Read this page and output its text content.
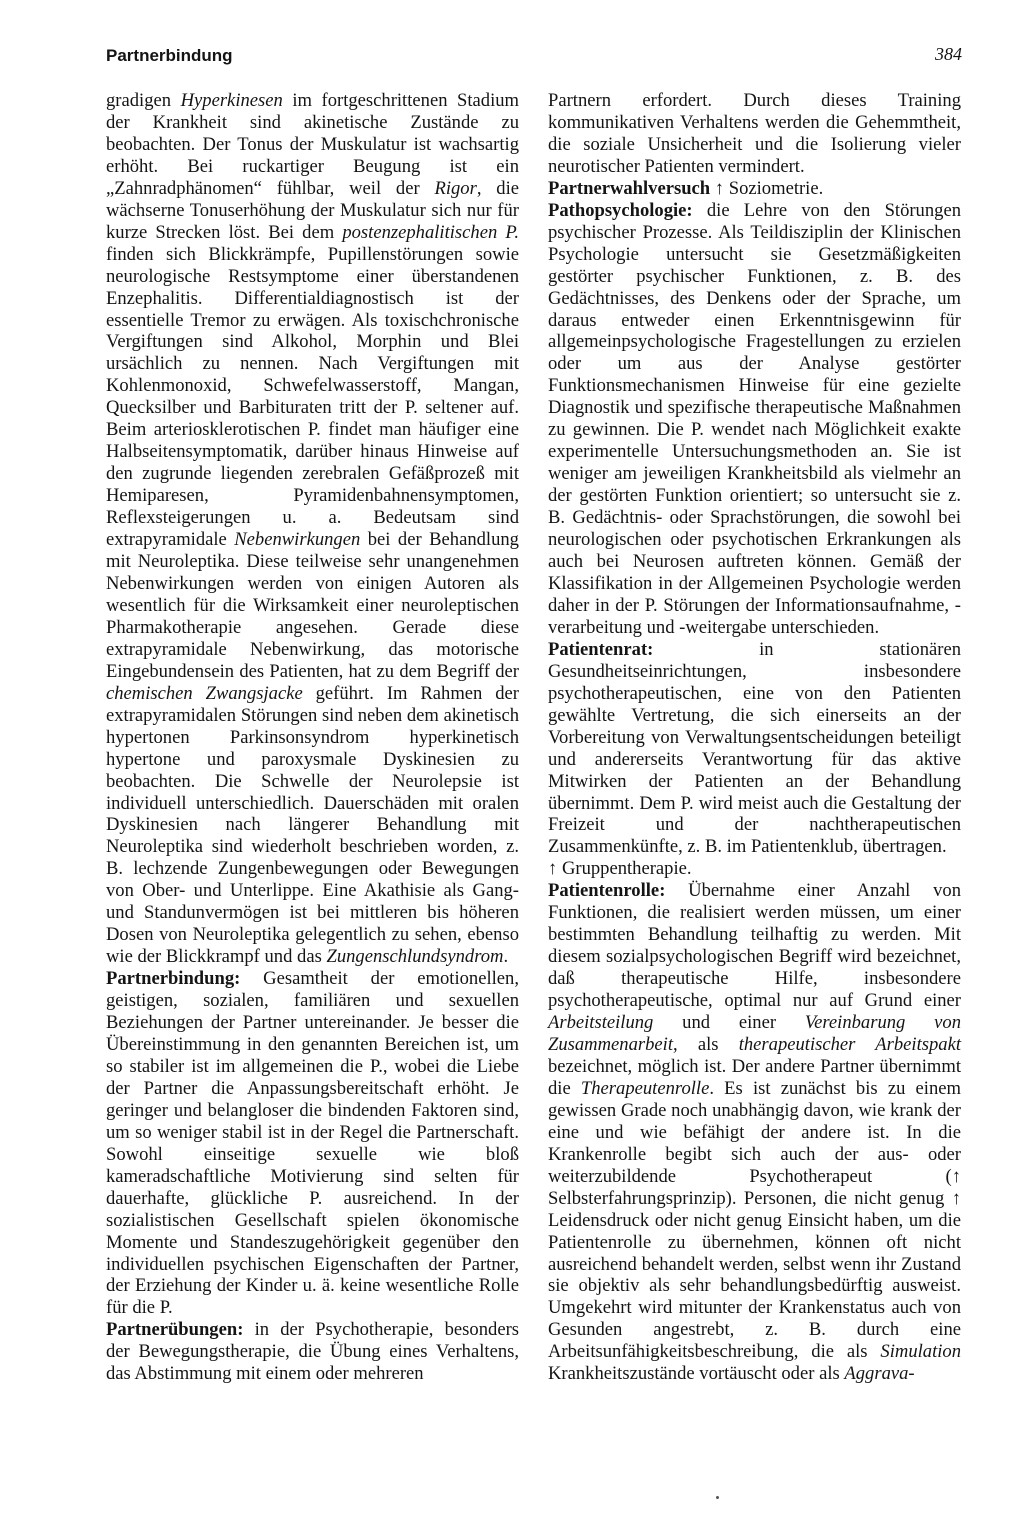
Partnerbindung	384

gradigen Hyperkinesen im fortgeschrittenen Stadium der Krankheit sind akinetische Zustände zu beobachten. Der Tonus der Muskulatur ist wachsartig erhöht. Bei ruckartiger Beugung ist ein „Zahnradphänomen“ fühlbar, weil der Rigor, die wächserne Tonuserhöhung der Muskulatur sich nur für kurze Strecken löst. Bei dem postenzephalitischen P. finden sich Blickkrämpfe, Pupillenstörungen sowie neurologische Restsymptome einer überstandenen Enzephalitis. Differentialdiagnostisch ist der essentielle Tremor zu erwägen. Als toxischchronische Vergiftungen sind Alkohol, Morphin und Blei ursächlich zu nennen. Nach Vergiftungen mit Kohlenmonoxid, Schwefelwasserstoff, Mangan, Quecksilber und Barbituraten tritt der P. seltener auf. Beim arteriosklerotischen P. findet man häufiger eine Halbseitensymptomatik, darüber hinaus Hinweise auf den zugrunde liegenden zerebralen Gefäßprozeß mit Hemiparesen, Pyramidenbahnensymptomen, Reflexsteigerungen u. a. Bedeutsam sind extrapyramidale Nebenwirkungen bei der Behandlung mit Neuroleptika. Diese teilweise sehr unangenehmen Nebenwirkungen werden von einigen Autoren als wesentlich für die Wirksamkeit einer neuroleptischen Pharmakotherapie angesehen. Gerade diese extrapyramidale Nebenwirkung, das motorische Eingebundensein des Patienten, hat zu dem Begriff der chemischen Zwangsjacke geführt. Im Rahmen der extrapyramidalen Störungen sind neben dem akinetisch hypertonen Parkinsonsyndrom hyperkinetisch hypertone und paroxysmale Dyskinesien zu beobachten. Die Schwelle der Neurolepsie ist individuell unterschiedlich. Dauerschäden mit oralen Dyskinesien nach längerer Behandlung mit Neuroleptika sind wiederholt beschrieben worden, z. B. lechzende Zungenbewegungen oder Bewegungen von Ober- und Unterlippe. Eine Akathisie als Gang- und Standunvermögen ist bei mittleren bis höheren Dosen von Neuroleptika gelegentlich zu sehen, ebenso wie der Blickkrampf und das Zungenschlundsyndrom.

Partnerbindung: Gesamtheit der emotionellen, geistigen, sozialen, familiären und sexuellen Beziehungen der Partner untereinander. Je besser die Übereinstimmung in den genannten Bereichen ist, um so stabiler ist im allgemeinen die P., wobei die Liebe der Partner die Anpassungsbereitschaft erhöht. Je geringer und belangloser die bindenden Faktoren sind, um so weniger stabil ist in der Regel die Partnerschaft. Sowohl einseitige sexuelle wie bloß kameradschaftliche Motivierung sind selten für dauerhafte, glückliche P. ausreichend. In der sozialistischen Gesellschaft spielen ökonomische Momente und Standeszugehörigkeit gegenüber den individuellen psychischen Eigenschaften der Partner, der Erziehung der Kinder u. ä. keine wesentliche Rolle für die P.

Partnerübungen: in der Psychotherapie, besonders der Bewegungstherapie, die Übung eines Verhaltens, das Abstimmung mit einem oder mehreren

Partnern erfordert. Durch dieses Training kommunikativen Verhaltens werden die Gehemmtheit, die soziale Unsicherheit und die Isolierung vieler neurotischer Patienten vermindert.

Partnerwahlversuch ↑ Soziometrie.

Pathopsychologie: die Lehre von den Störungen psychischer Prozesse. Als Teildisziplin der Klinischen Psychologie untersucht sie Gesetzmäßigkeiten gestörter psychischer Funktionen, z. B. des Gedächtnisses, des Denkens oder der Sprache, um daraus entweder einen Erkenntnisgewinn für allgemeinpsychologische Fragestellungen zu erzielen oder um aus der Analyse gestörter Funktionsmechanismen Hinweise für eine gezielte Diagnostik und spezifische therapeutische Maßnahmen zu gewinnen. Die P. wendet nach Möglichkeit exakte experimentelle Untersuchungsmethoden an. Sie ist weniger am jeweiligen Krankheitsbild als vielmehr an der gestörten Funktion orientiert; so untersucht sie z. B. Gedächtnis- oder Sprachstörungen, die sowohl bei neurologischen oder psychotischen Erkrankungen als auch bei Neurosen auftreten können. Gemäß der Klassifikation in der Allgemeinen Psychologie werden daher in der P. Störungen der Informationsaufnahme, -verarbeitung und -weitergabe unterschieden.

Patientenrat: in stationären Gesundheitseinrichtungen, insbesondere psychotherapeutischen, eine von den Patienten gewählte Vertretung, die sich einerseits an der Vorbereitung von Verwaltungsentscheidungen beteiligt und andererseits Verantwortung für das aktive Mitwirken der Patienten an der Behandlung übernimmt. Dem P. wird meist auch die Gestaltung der Freizeit und der nachtherapeutischen Zusammenkünfte, z. B. im Patientenklub, übertragen.

↑ Gruppentherapie.

Patientenrolle: Übernahme einer Anzahl von Funktionen, die realisiert werden müssen, um einer bestimmten Behandlung teilhaftig zu werden. Mit diesem sozialpsychologischen Begriff wird bezeichnet, daß therapeutische Hilfe, insbesondere psychotherapeutische, optimal nur auf Grund einer Arbeitsteilung und einer Vereinbarung von Zusammenarbeit, als therapeutischer Arbeitspakt bezeichnet, möglich ist. Der andere Partner übernimmt die Therapeutenrolle. Es ist zunächst bis zu einem gewissen Grade noch unabhängig davon, wie krank der eine und wie befähigt der andere ist. In die Krankenrolle begibt sich auch der aus- oder weiterzubildende Psychotherapeut (↑ Selbsterfahrungsprinzip). Personen, die nicht genug ↑ Leidensdruck oder nicht genug Einsicht haben, um die Patientenrolle zu übernehmen, können oft nicht ausreichend behandelt werden, selbst wenn ihr Zustand sie objektiv als sehr behandlungsbedürftig ausweist. Umgekehrt wird mitunter der Krankenstatus auch von Gesunden angestrebt, z. B. durch eine Arbeitsunfähigkeitsbeschreibung, die als Simulation Krankheitszustände vortäuscht oder als Aggrava-
